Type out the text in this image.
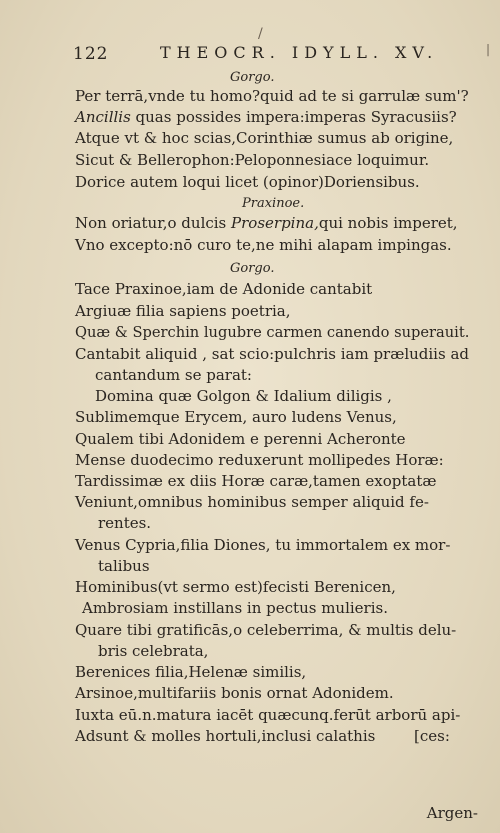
/
|
122	THEOCR. IDYLL. XV.
Gorgo.
Per terrā,vnde tu homo?quid ad te si garrulæ sum'?
Ancillis quas possides impera:imperas Syracusiis?
Atque vt & hoc scias,Corinthiæ sumus ab origine,
Sicut & Bellerophon:Peloponnesiace loquimur.
Dorice autem loqui licet (opinor)Doriensibus.
Praxinoe.
Non oriatur,o dulcis Proserpina,qui nobis imperet,
Vno excepto:nō curo te,ne mihi alapam impingas.
Gorgo.
Tace Praxinoe,iam de Adonide cantabit
Argiuæ filia sapiens poetria,
Quæ & Sperchin lugubre carmen canendo superauit.
Cantabit aliquid , sat scio:pulchris iam præludiis ad
cantandum se parat:
Domina quæ Golgon & Idalium diligis ,
Sublimemque Erycem, auro ludens Venus,
Qualem tibi Adonidem e perenni Acheronte
Mense duodecimo reduxerunt mollipedes Horæ:
Tardissimæ ex diis Horæ caræ,tamen exoptatæ
Veniunt,omnibus hominibus semper aliquid fe-
rentes.
Venus Cypria,filia Diones, tu immortalem ex mor-
talibus
Hominibus(vt sermo est)fecisti Berenicen,
Ambrosiam instillans in pectus mulieris.
Quare tibi gratificās,o celeberrima, & multis delu-
bris celebrata,
Berenices filia,Helenæ similis,
Arsinoe,multifariis bonis ornat Adonidem.
Iuxta eū.n.matura iacēt quæcunq.ferūt arborū api-
Adsunt & molles hortuli,inclusi calathis	[ces:
Argen-
